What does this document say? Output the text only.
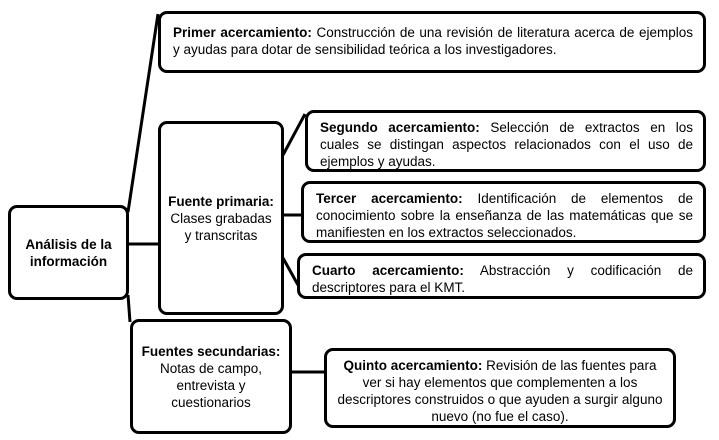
Análisis de la información
Primer acercamiento: Construcción de una revisión de literatura acerca de ejemplos y ayudas para dotar de sensibilidad teórica a los investigadores.
Fuente primaria:
Clases grabadas y transcritas
Segundo acercamiento: Selección de extractos en los cuales se distingan aspectos relacionados con el uso de ejemplos y ayudas.
Tercer acercamiento: Identificación de elementos de conocimiento sobre la enseñanza de las matemáticas que se manifiesten en los extractos seleccionados.
Cuarto acercamiento: Abstracción y codificación de descriptores para el KMT.
Fuentes secundarias:
Notas de campo, entrevista y cuestionarios
Quinto acercamiento: Revisión de las fuentes para ver si hay elementos que complementen a los descriptores construidos o que ayuden a surgir alguno nuevo (no fue el caso).
